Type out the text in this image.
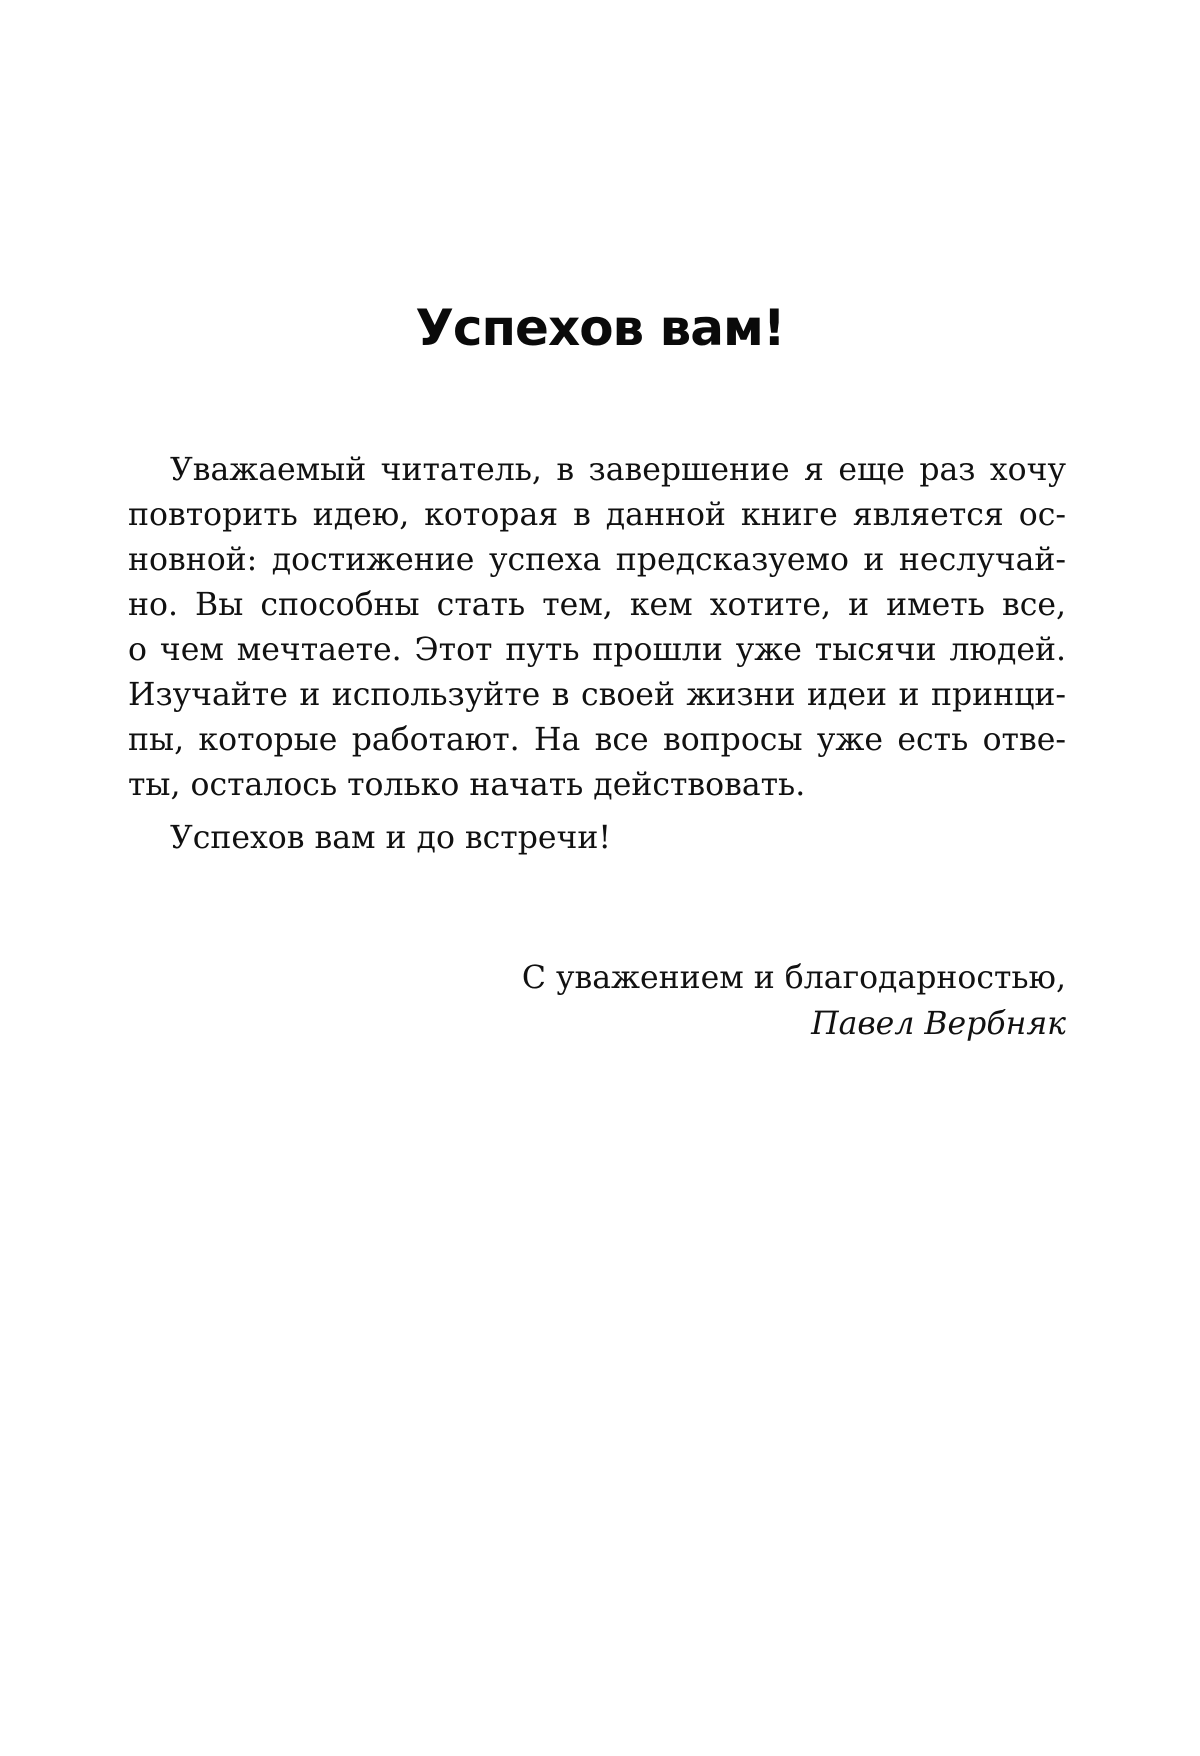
Успехов вам!
Уважаемый читатель, в завершение я еще раз хочу
повторить идею, которая в данной книге является ос-
новной: достижение успеха предсказуемо и неслучай-
но. Вы способны стать тем, кем хотите, и иметь все,
о чем мечтаете. Этот путь прошли уже тысячи людей.
Изучайте и используйте в своей жизни идеи и принци-
пы, которые работают. На все вопросы уже есть отве-
ты, осталось только начать действовать.
Успехов вам и до встречи!
С уважением и благодарностью,
Павел Вербняк
